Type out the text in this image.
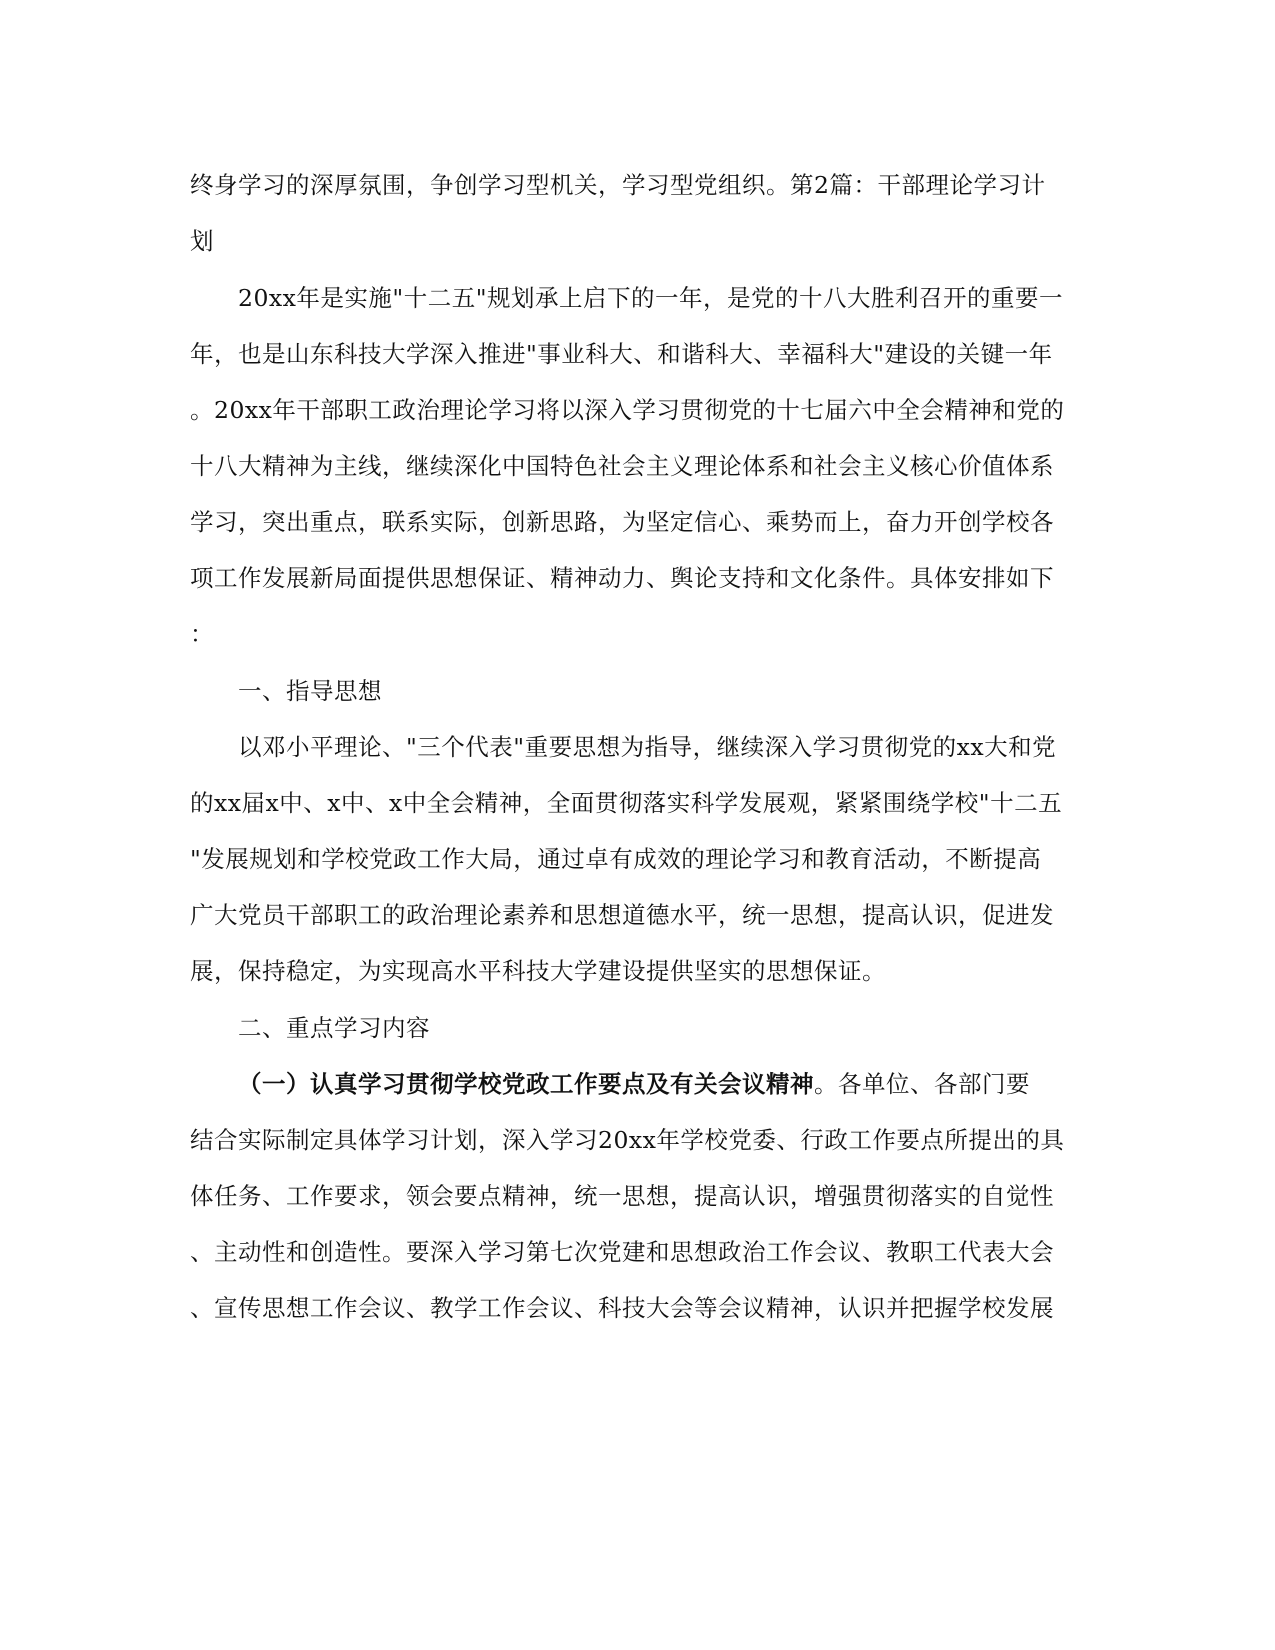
终身学习的深厚氛围，争创学习型机关，学习型党组织。第2篇：干部理论学习计
划
20xx年是实施"十二五"规划承上启下的一年，是党的十八大胜利召开的重要一
年，也是山东科技大学深入推进"事业科大、和谐科大、幸福科大"建设的关键一年
。20xx年干部职工政治理论学习将以深入学习贯彻党的十七届六中全会精神和党的
十八大精神为主线，继续深化中国特色社会主义理论体系和社会主义核心价值体系
学习，突出重点，联系实际，创新思路，为坚定信心、乘势而上，奋力开创学校各
项工作发展新局面提供思想保证、精神动力、舆论支持和文化条件。具体安排如下
：
一、指导思想
以邓小平理论、"三个代表"重要思想为指导，继续深入学习贯彻党的xx大和党
的xx届x中、x中、x中全会精神，全面贯彻落实科学发展观，紧紧围绕学校"十二五
"发展规划和学校党政工作大局，通过卓有成效的理论学习和教育活动，不断提高
广大党员干部职工的政治理论素养和思想道德水平，统一思想，提高认识，促进发
展，保持稳定，为实现高水平科技大学建设提供坚实的思想保证。
二、重点学习内容
（一）认真学习贯彻学校党政工作要点及有关会议精神。各单位、各部门要
结合实际制定具体学习计划，深入学习20xx年学校党委、行政工作要点所提出的具
体任务、工作要求，领会要点精神，统一思想，提高认识，增强贯彻落实的自觉性
、主动性和创造性。要深入学习第七次党建和思想政治工作会议、教职工代表大会
、宣传思想工作会议、教学工作会议、科技大会等会议精神，认识并把握学校发展
